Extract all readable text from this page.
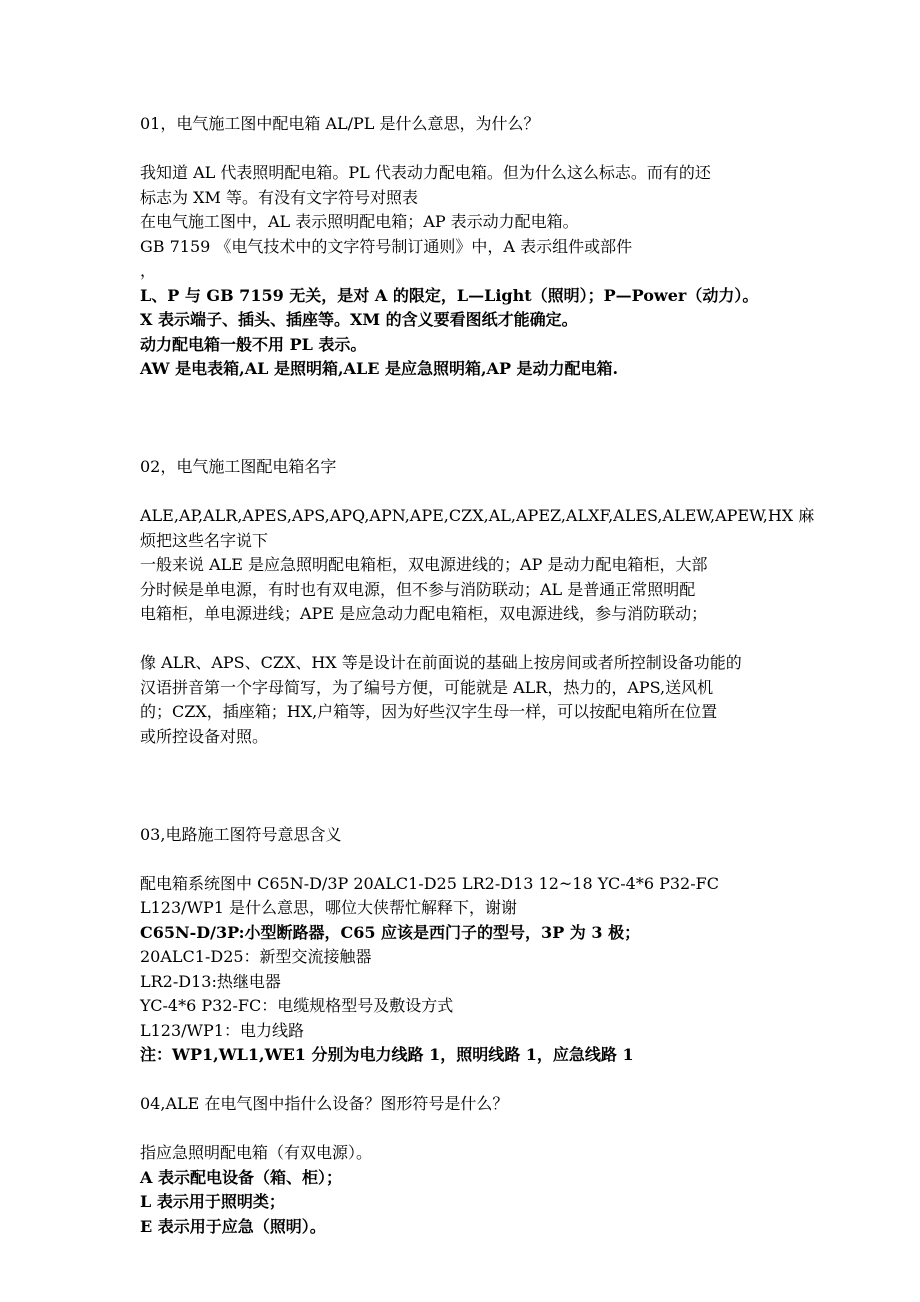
01，电气施工图中配电箱 AL/PL 是什么意思，为什么？
我知道 AL 代表照明配电箱。PL 代表动力配电箱。但为什么这么标志。而有的还
标志为 XM 等。有没有文字符号对照表
在电气施工图中，AL 表示照明配电箱；AP 表示动力配电箱。
GB 7159 《电气技术中的文字符号制订通则》中，A 表示组件或部件
，
L、P 与 GB 7159 无关，是对 A 的限定，L—Light（照明）；P—Power（动力）。
X 表示端子、插头、插座等。XM 的含义要看图纸才能确定。
动力配电箱一般不用 PL 表示。
AW 是电表箱,AL 是照明箱,ALE 是应急照明箱,AP 是动力配电箱.
02，电气施工图配电箱名字
ALE,AP,ALR,APES,APS,APQ,APN,APE,CZX,AL,APEZ,ALXF,ALES,ALEW,APEW,HX 麻
烦把这些名字说下
一般来说 ALE 是应急照明配电箱柜，双电源进线的；AP 是动力配电箱柜，大部
分时候是单电源，有时也有双电源，但不参与消防联动；AL 是普通正常照明配
电箱柜，单电源进线；APE 是应急动力配电箱柜，双电源进线，参与消防联动；
像 ALR、APS、CZX、HX 等是设计在前面说的基础上按房间或者所控制设备功能的
汉语拼音第一个字母简写，为了编号方便，可能就是 ALR，热力的，APS,送风机
的；CZX，插座箱；HX,户箱等，因为好些汉字生母一样，可以按配电箱所在位置
或所控设备对照。
03,电路施工图符号意思含义
配电箱系统图中 C65N-D/3P 20ALC1-D25 LR2-D13 12~18 YC-4*6 P32-FC
L123/WP1 是什么意思，哪位大侠帮忙解释下，谢谢
C65N-D/3P:小型断路器，C65 应该是西门子的型号，3P 为 3 极；
20ALC1-D25：新型交流接触器
LR2-D13:热继电器
YC-4*6 P32-FC：电缆规格型号及敷设方式
L123/WP1：电力线路
注：WP1,WL1,WE1 分别为电力线路 1，照明线路 1，应急线路 1
04,ALE 在电气图中指什么设备？图形符号是什么？
指应急照明配电箱（有双电源）。
A 表示配电设备（箱、柜）；
L 表示用于照明类；
E 表示用于应急（照明）。
